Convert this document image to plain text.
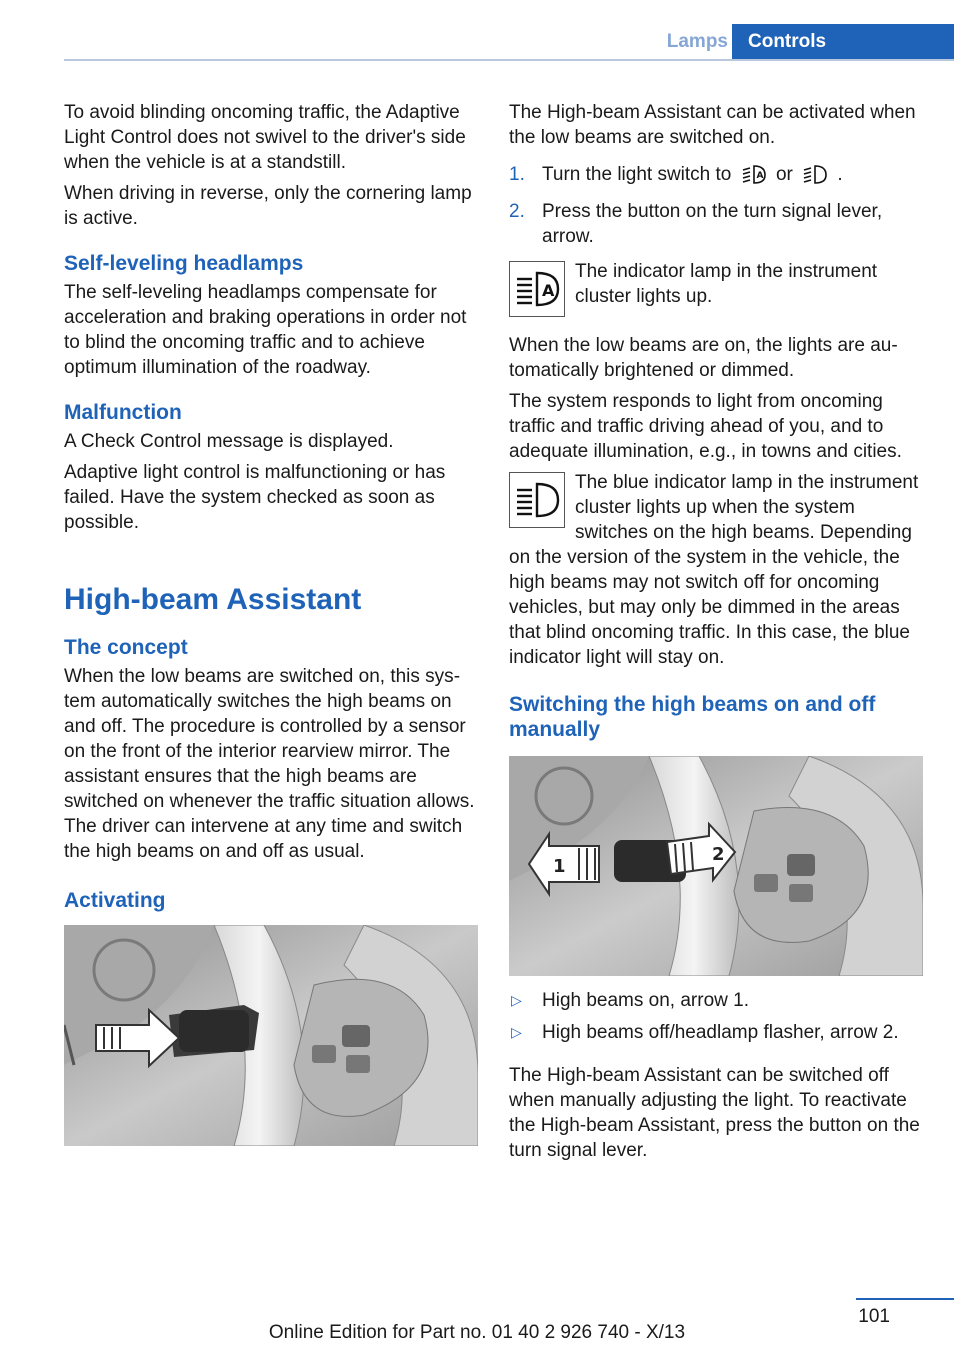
Lamps	Controls

To avoid blinding oncoming traffic, the Adaptive Light Control does not swivel to the driver's side when the vehicle is at a standstill.

When driving in reverse, only the cornering lamp is active.

Self-leveling headlamps

The self-leveling headlamps compensate for acceleration and braking operations in order not to blind the oncoming traffic and to achieve optimum illumination of the roadway.

Malfunction

A Check Control message is displayed.

Adaptive light control is malfunctioning or has failed. Have the system checked as soon as possible.

High-beam Assistant
The concept

When the low beams are switched on, this system automatically switches the high beams on and off. The procedure is controlled by a sensor on the front of the interior rearview mirror. The assistant ensures that the high beams are switched on whenever the traffic situation allows. The driver can intervene at any time and switch the high beams on and off as usual.

Activating

The High-beam Assistant can be activated when the low beams are switched on.

1. Turn the light switch to	A or .
2. Press the button on the turn signal lever, arrow.
A

The indicator lamp in the instrument cluster lights up.

When the low beams are on, the lights are automatically brightened or dimmed.

The system responds to light from oncoming traffic and traffic driving ahead of you, and to adequate illumination, e.g., in towns and cities.

The blue indicator lamp in the instrument cluster lights up when the system switches on the high beams. Depending on the version of the system in the vehicle, the high beams may not switch off for oncoming vehicles, but may only be dimmed in the areas that blind oncoming traffic. In this case, the blue indicator light will stay on.

Switching the high beams on and off manually
1
2
▷ High beams on, arrow 1.
▷ High beams off/headlamp flasher, arrow 2.

The High-beam Assistant can be switched off when manually adjusting the light. To reactivate the High-beam Assistant, press the button on the turn signal lever.

101
Online Edition for Part no. 01 40 2 926 740 - X/13
